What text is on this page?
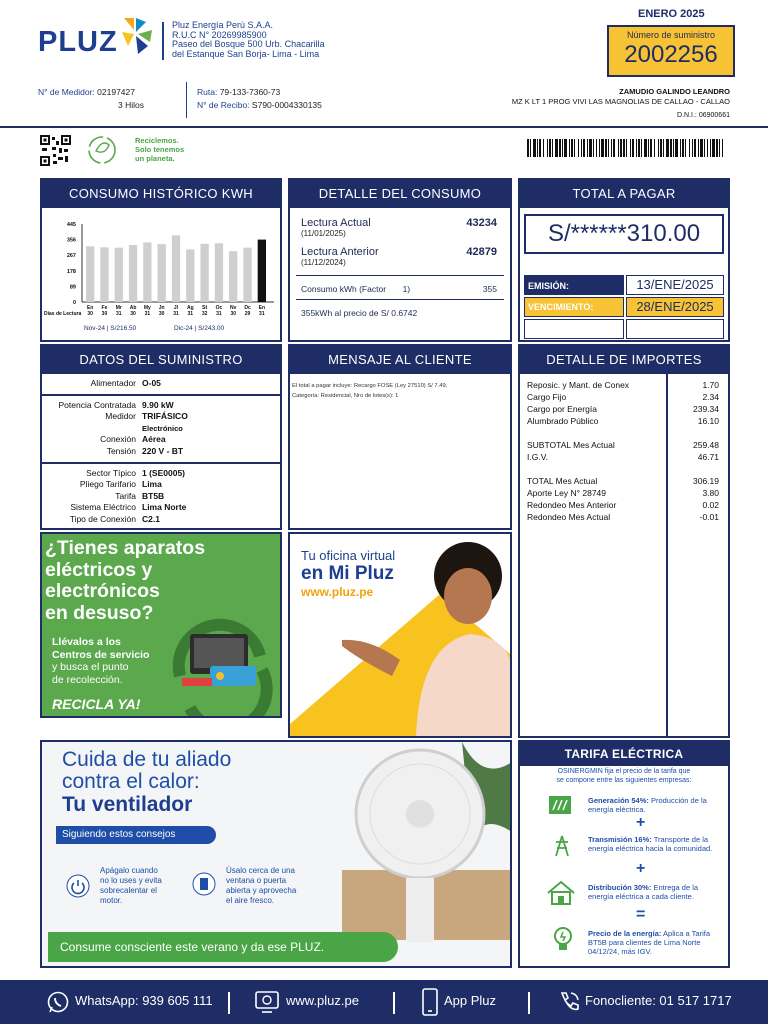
PLUZ
Pluz Energía Perú S.A.A.
R.U.C N° 20269985900
Paseo del Bosque 500 Urb. Chacarilla
del Estanque San Borja- Lima - Lima
ENERO 2025
Número de suministro
2002256
ZAMUDIO GALINDO LEANDRO
MZ K LT 1 PROG VIVI LAS MAGNOLIAS DE CALLAO - CALLAO
D.N.I.: 06900661
N° de Medidor: 02197427
3 Hilos
Ruta: 79-133-7360-73
N° de Recibo: S790-0004330135
Reciclemos.
Solo tenemos
un planeta.
CONSUMO HISTÓRICO KWH
445
356
267
178
89
0
En
30
Fe
30
Mr
31
Ab
30
My
31
Jn
30
Jl
31
Ag
31
St
32
Oc
31
Nv
30
Dc
29
En
31
Días de Lectura
Nov-24 | S/216.50	Dic-24 | S/243.00
DETALLE DEL CONSUMO
Lectura Actual	43234
(11/01/2025)
Lectura Anterior	42879
(11/12/2024)
Consumo kWh (Factor 1)	355
355kWh al precio de S/ 0.6742
TOTAL A PAGAR
S/******310.00
EMISIÓN:	13/ENE/2025
VENCIMIENTO:	28/ENE/2025
DATOS DEL SUMINISTRO
Alimentador O-05
Potencia Contratada 9.90 kW
Medidor TRIFÁSICO
Electrónico
Conexión Aérea
Tensión 220 V - BT
Sector Típico 1 (SE0005)
Pliego Tarifario Lima
Tarifa BT5B
Sistema Eléctrico Lima Norte
Tipo de Conexión C2.1
MENSAJE AL CLIENTE
El total a pagar incluye: Recargo FOSE (Ley 27510) S/ 7.49,
Categoría: Residencial, Nro de lotes(s): 1
DETALLE DE IMPORTES
Reposic. y Mant. de Conex	1.70
Cargo Fijo	2.34
Cargo por Energía	239.34
Alumbrado Público	16.10
SUBTOTAL Mes Actual	259.48
I.G.V.	46.71
TOTAL Mes Actual	306.19
Aporte Ley N° 28749	3.80
Redondeo Mes Anterior	0.02
Redondeo Mes Actual	-0.01
¿Tienes aparatos
eléctricos y
electrónicos
en desuso?
Llévalos a los
Centros de servicio
y busca el punto
de recolección.
RECICLA YA!
Tu oficina virtual
en Mi Pluz
www.pluz.pe
Cuida de tu aliado
contra el calor:
Tu ventilador
Siguiendo estos consejos
Apágalo cuando
no lo uses y evita
sobrecalentar el
motor.
Úsalo cerca de una
ventana o puerta
abierta y aprovecha
el aire fresco.
Consume consciente este verano y da ese PLUZ.
TARIFA ELÉCTRICA
OSINERGMIN fija el precio de la tarifa que
se compone entre las siguientes empresas:
Generación 54%: Producción de la energía eléctrica.
+
Transmisión 16%: Transporte de la energía eléctrica hacia la comunidad.
+
Distribución 30%: Entrega de la energía eléctrica a cada cliente.
=
Precio de la energía: Aplica a Tarifa BT5B para clientes de Lima Norte 04/12/24, más IGV.
WhatsApp: 939 605 111	www.pluz.pe	App Pluz	Fonocliente: 01 517 1717
